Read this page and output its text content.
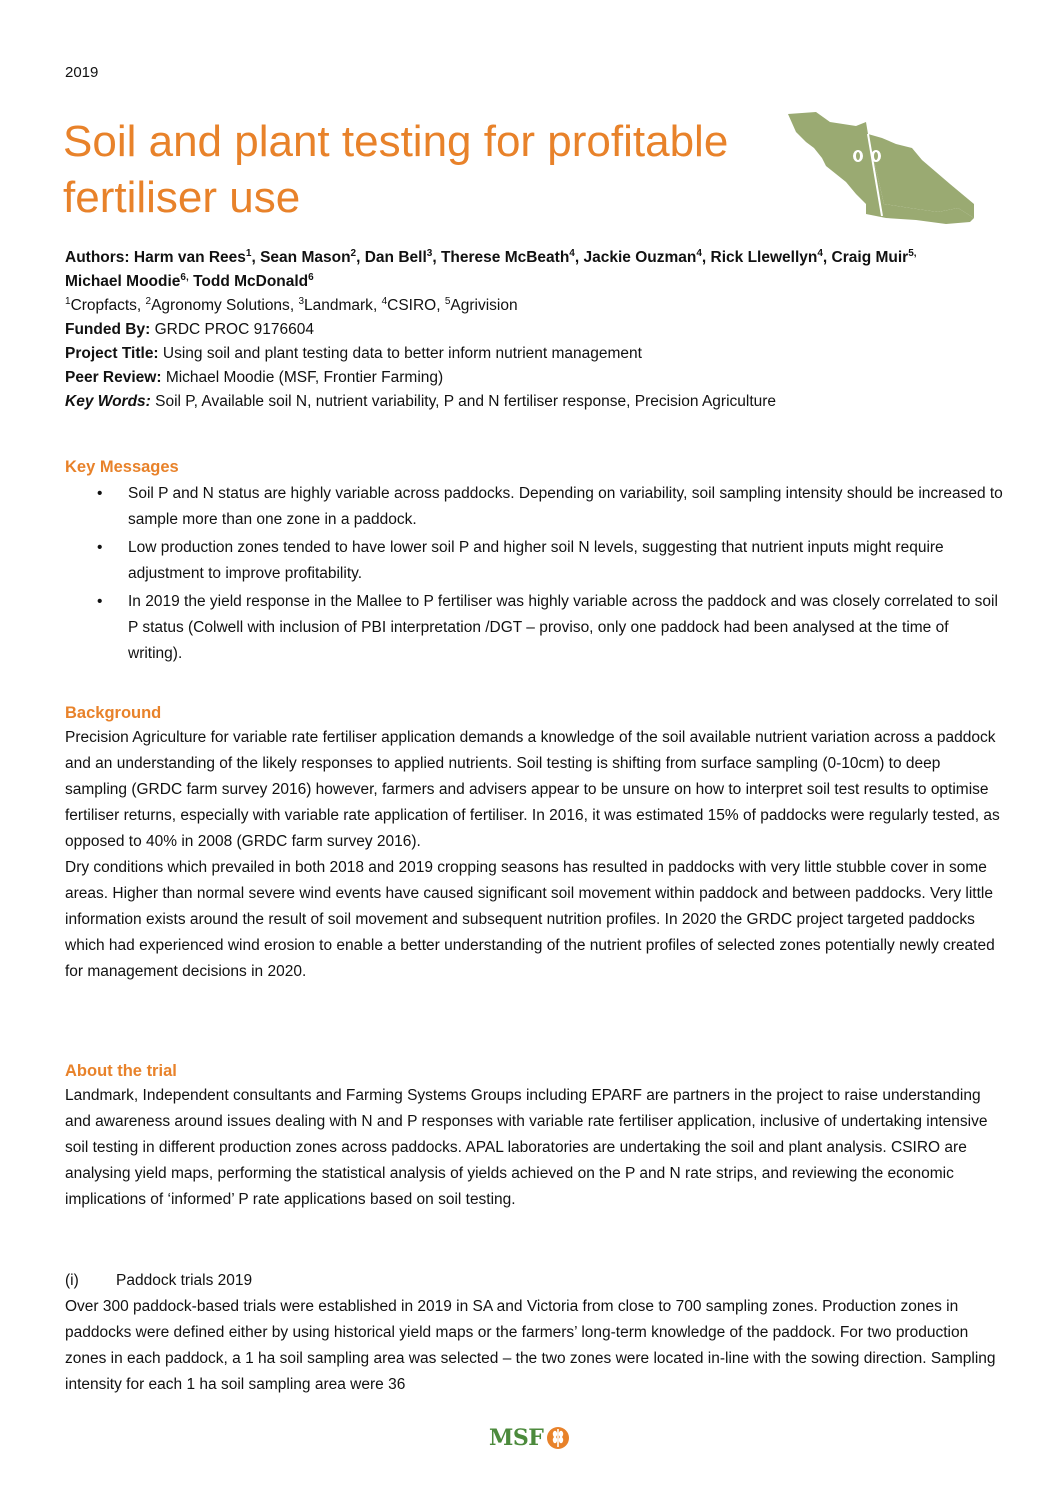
2019
Soil and plant testing for profitable fertiliser use

Authors: Harm van Rees$^1$, Sean Mason$^2$, Dan Bell$^3$, Therese McBeath$^4$, Jackie Ouzman$^4$, Rick Llewellyn$^4$, Craig Muir$^{5,}$

Michael Moodie$^{6,}$ Todd McDonald$^6$

$^1$Cropfacts, $^2$Agronomy Solutions, $^3$Landmark, $^4$CSIRO, $^5$Agrivision

Funded By: GRDC PROC 9176604

Project Title: Using soil and plant testing data to better inform nutrient management

Peer Review: Michael Moodie (MSF, Frontier Farming)

Key Words: Soil P, Available soil N, nutrient variability, P and N fertiliser response, Precision Agriculture

Key Messages
• Soil P and N status are highly variable across paddocks. Depending on variability, soil sampling intensity should be increased to sample more than one zone in a paddock.
• Low production zones tended to have lower soil P and higher soil N levels, suggesting that nutrient inputs might require adjustment to improve profitability.
• In 2019 the yield response in the Mallee to P fertiliser was highly variable across the paddock and was closely correlated to soil P status (Colwell with inclusion of PBI interpretation /DGT – proviso, only one paddock had been analysed at the time of writing).
Background

Precision Agriculture for variable rate fertiliser application demands a knowledge of the soil available nutrient variation across a paddock and an understanding of the likely responses to applied nutrients. Soil testing is shifting from surface sampling (0-10cm) to deep sampling (GRDC farm survey 2016) however, farmers and advisers appear to be unsure on how to interpret soil test results to optimise fertiliser returns, especially with variable rate application of fertiliser. In 2016, it was estimated 15% of paddocks were regularly tested, as opposed to 40% in 2008 (GRDC farm survey 2016).

Dry conditions which prevailed in both 2018 and 2019 cropping seasons has resulted in paddocks with very little stubble cover in some areas. Higher than normal severe wind events have caused significant soil movement within paddock and between paddocks. Very little information exists around the result of soil movement and subsequent nutrition profiles. In 2020 the GRDC project targeted paddocks which had experienced wind erosion to enable a better understanding of the nutrient profiles of selected zones potentially newly created for management decisions in 2020.

About the trial

Landmark, Independent consultants and Farming Systems Groups including EPARF are partners in the project to raise understanding and awareness around issues dealing with N and P responses with variable rate fertiliser application, inclusive of undertaking intensive soil testing in different production zones across paddocks. APAL laboratories are undertaking the soil and plant analysis. CSIRO are analysing yield maps, performing the statistical analysis of yields achieved on the P and N rate strips, and reviewing the economic implications of ‘informed’ P rate applications based on soil testing.

(i) Paddock trials 2019

Over 300 paddock-based trials were established in 2019 in SA and Victoria from close to 700 sampling zones. Production zones in paddocks were defined either by using historical yield maps or the farmers’ long-term knowledge of the paddock. For two production zones in each paddock, a 1 ha soil sampling area was selected – the two zones were located in-line with the sowing direction. Sampling intensity for each 1 ha soil sampling area were 36

MSF
